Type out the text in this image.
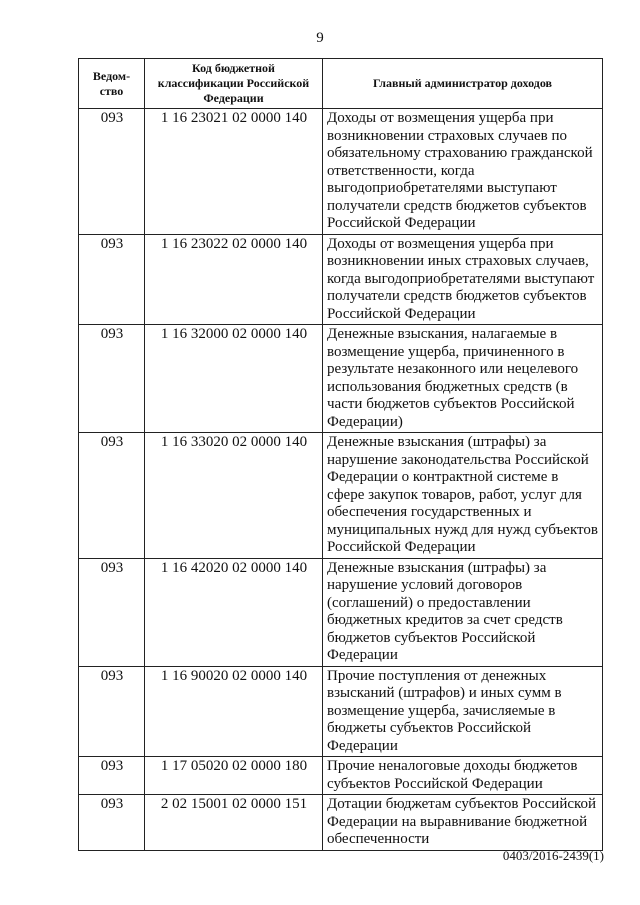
9
Ведом-ство	Код бюджетной классификации Российской Федерации	Главный администратор доходов
093	1 16 23021 02 0000 140	Доходы от возмещения ущерба при возникновении страховых случаев по обязательному страхованию гражданской ответственности, когда выгодоприобретателями выступают получатели средств бюджетов субъектов Российской Федерации
093	1 16 23022 02 0000 140	Доходы от возмещения ущерба при возникновении иных страховых случаев, когда выгодоприобретателями выступают получатели средств бюджетов субъектов Российской Федерации
093	1 16 32000 02 0000 140	Денежные взыскания, налагаемые в возмещение ущерба, причиненного в результате незаконного или нецелевого использования бюджетных средств (в части бюджетов субъектов Российской Федерации)
093	1 16 33020 02 0000 140	Денежные взыскания (штрафы) за нарушение законодательства Российской Федерации о контрактной системе в сфере закупок товаров, работ, услуг для обеспечения государственных и муниципальных нужд для нужд субъектов Российской Федерации
093	1 16 42020 02 0000 140	Денежные взыскания (штрафы) за нарушение условий договоров (соглашений) о предоставлении бюджетных кредитов за счет средств бюджетов субъектов Российской Федерации
093	1 16 90020 02 0000 140	Прочие поступления от денежных взысканий (штрафов) и иных сумм в возмещение ущерба, зачисляемые в бюджеты субъектов Российской Федерации
093	1 17 05020 02 0000 180	Прочие неналоговые доходы бюджетов субъектов Российской Федерации
093	2 02 15001 02 0000 151	Дотации бюджетам субъектов Российской Федерации на выравнивание бюджетной обеспеченности
0403/2016-2439(1)
